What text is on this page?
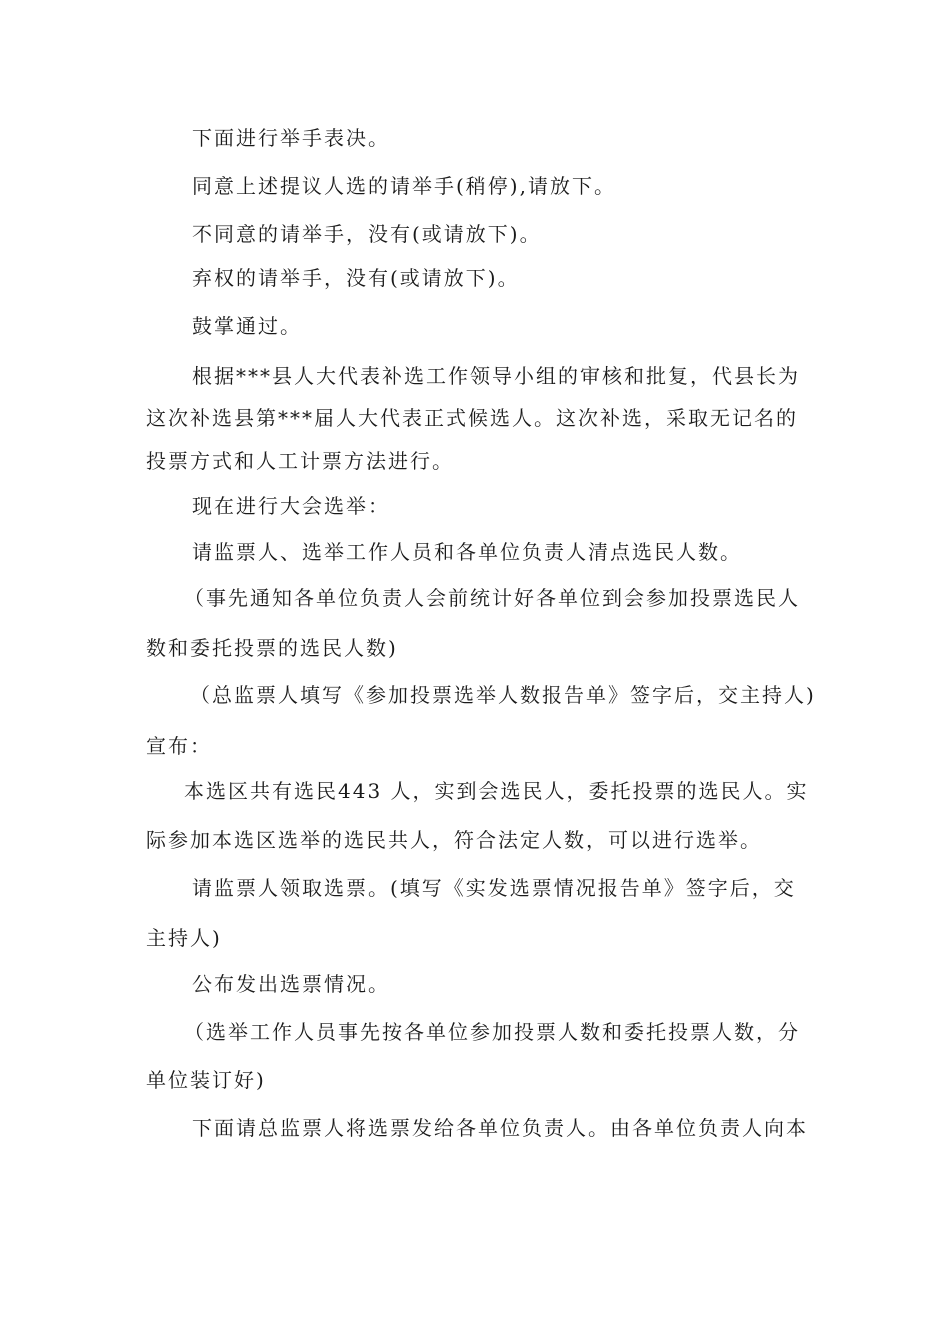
下面进行举手表决。
同意上述提议人选的请举手(稍停),请放下。
不同意的请举手，没有(或请放下)。
弃权的请举手，没有(或请放下)。
鼓掌通过。
根据***县人大代表补选工作领导小组的审核和批复，代县长为
这次补选县第***届人大代表正式候选人。这次补选，采取无记名的
投票方式和人工计票方法进行。
现在进行大会选举：
请监票人、选举工作人员和各单位负责人清点选民人数。
（事先通知各单位负责人会前统计好各单位到会参加投票选民人
数和委托投票的选民人数)
（总监票人填写《参加投票选举人数报告单》签字后，交主持人)
宣布：
本选区共有选民443 人，实到会选民人，委托投票的选民人。实
际参加本选区选举的选民共人，符合法定人数，可以进行选举。
请监票人领取选票。(填写《实发选票情况报告单》签字后，交
主持人)
公布发出选票情况。
（选举工作人员事先按各单位参加投票人数和委托投票人数，分
单位装订好)
下面请总监票人将选票发给各单位负责人。由各单位负责人向本
